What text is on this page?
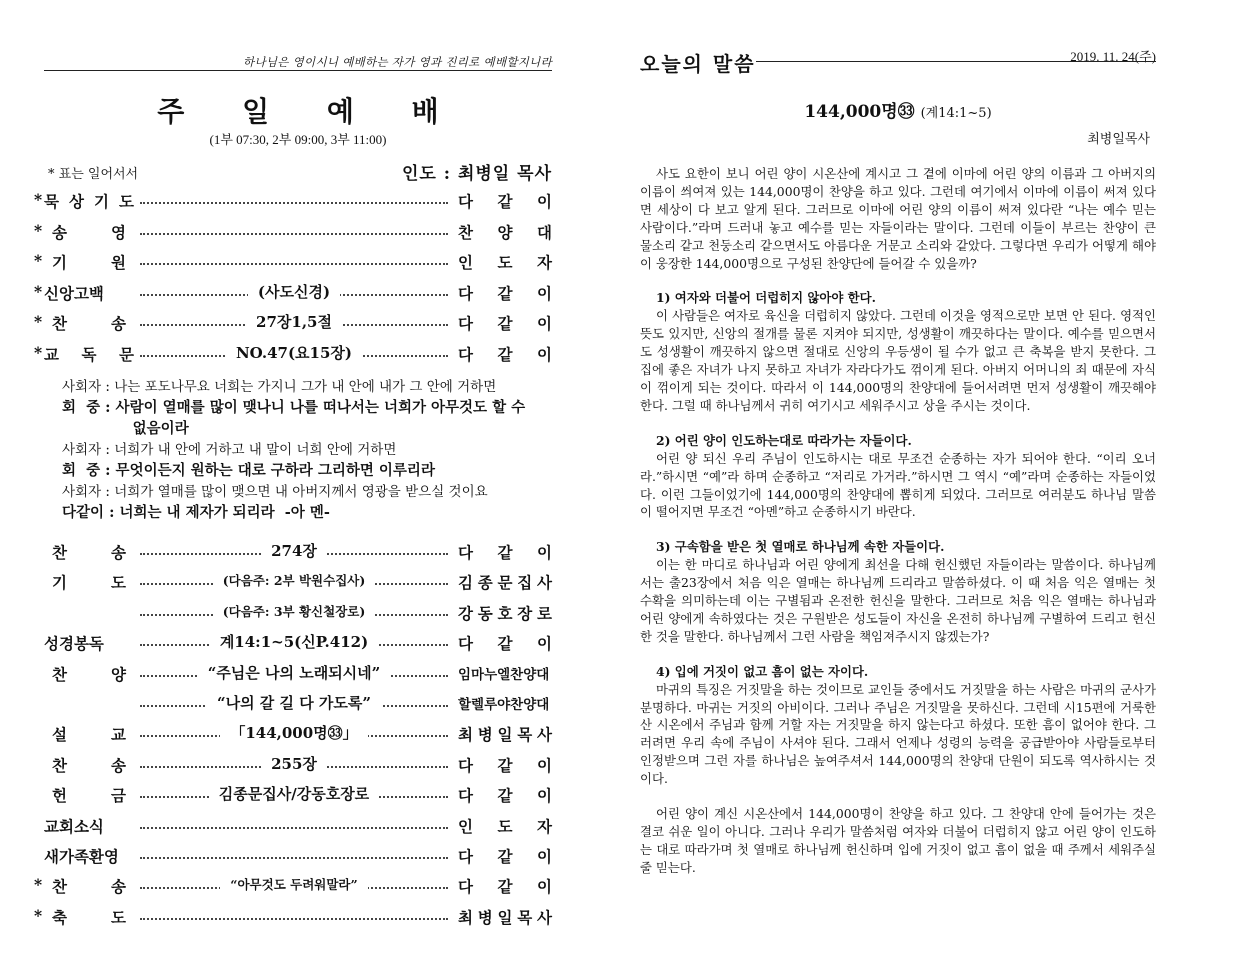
하나님은 영이시니 예배하는 자가 영과 진리로 예배할지니라
주 일 예 배
(1부 07:30, 2부 09:00, 3부 11:00)
* 표는 일어서서	인도 : 최병일 목사
* 묵 상 기 도	다 같 이
* 송	영	찬 양 대
* 기	원	인 도 자
* 신앙고백	(사도신경)	다 같 이
* 찬	송	27장1,5절	다 같 이
* 교 독 문	NO.47(요15장)	다 같 이
사회자 : 나는 포도나무요 너희는 가지니 그가 내 안에 내가 그 안에 거하면
회  중 : 사람이 열매를 많이 맺나니 나를 떠나서는 너희가 아무것도 할 수
없음이라
사회자 : 너희가 내 안에 거하고 내 말이 너희 안에 거하면
회  중 : 무엇이든지 원하는 대로 구하라 그리하면 이루리라
사회자 : 너희가 열매를 많이 맺으면 내 아버지께서 영광을 받으실 것이요
다같이 : 너희는 내 제자가 되리라  -아 멘-
찬	송	274장	다 같 이
기	도	(다음주: 2부 박원수집사)	김 종 문 집 사
(다음주: 3부 황신철장로)	강 동 호 장 로
성경봉독	계14:1~5(신P.412)	다 같 이
찬	양	“주님은 나의 노래되시네”	임마누엘찬양대
“나의 갈 길 다 가도록”	할렐루야찬양대
설	교	「144,000명㉝」	최 병 일 목 사
찬	송	255장	다 같 이
헌	금	김종문집사/강동호장로	다 같 이
교회소식	인 도 자
새가족환영	다 같 이
* 찬	송	“아무것도 두려워말라”	다 같 이
* 축	도	최 병 일 목 사
오늘의 말씀	2019. 11. 24(주)
144,000명㉝ (계14:1~5)
최병일목사

사도 요한이 보니 어린 양이 시온산에 계시고 그 곁에 이마에 어린 양의 이름과 그 아버지의 이름이 씌여져 있는 144,000명이 찬양을 하고 있다. 그런데 여기에서 이마에 이름이 써져 있다면 세상이 다 보고 알게 된다. 그러므로 이마에 어린 양의 이름이 써져 있다란 “나는 예수 믿는 사람이다.”라며 드러내 놓고 예수를 믿는 자들이라는 말이다. 그런데 이들이 부르는 찬양이 큰 물소리 같고 천둥소리 같으면서도 아름다운 거문고 소리와 같았다. 그렇다면 우리가 어떻게 해야 이 웅장한 144,000명으로 구성된 찬양단에 들어갈 수 있을까?

1) 여자와 더불어 더럽히지 않아야 한다.

이 사람들은 여자로 육신을 더럽히지 않았다. 그런데 이것을 영적으로만 보면 안 된다. 영적인 뜻도 있지만, 신앙의 절개를 물론 지켜야 되지만, 성생활이 깨끗하다는 말이다. 예수를 믿으면서도 성생활이 깨끗하지 않으면 절대로 신앙의 우등생이 될 수가 없고 큰 축복을 받지 못한다. 그 집에 좋은 자녀가 나지 못하고 자녀가 자라다가도 꺾이게 된다. 아버지 어머니의 죄 때문에 자식이 꺾이게 되는 것이다. 따라서 이 144,000명의 찬양대에 들어서려면 먼저 성생활이 깨끗해야 한다. 그럴 때 하나님께서 귀히 여기시고 세워주시고 상을 주시는 것이다.

2) 어린 양이 인도하는대로 따라가는 자들이다.

어린 양 되신 우리 주님이 인도하시는 대로 무조건 순종하는 자가 되어야 한다. “이리 오너라.”하시면 “예”라 하며 순종하고 “저리로 가거라.”하시면 그 역시 “예”라며 순종하는 자들이었다. 이런 그들이었기에 144,000명의 찬양대에 뽑히게 되었다. 그러므로 여러분도 하나님 말씀이 떨어지면 무조건 “아멘”하고 순종하시기 바란다.

3) 구속함을 받은 첫 열매로 하나님께 속한 자들이다.

이는 한 마디로 하나님과 어린 양에게 최선을 다해 헌신했던 자들이라는 말씀이다. 하나님께서는 출23장에서 처음 익은 열매는 하나님께 드리라고 말씀하셨다. 이 때 처음 익은 열매는 첫 수확을 의미하는데 이는 구별됨과 온전한 헌신을 말한다. 그러므로 처음 익은 열매는 하나님과 어린 양에게 속하였다는 것은 구원받은 성도들이 자신을 온전히 하나님께 구별하여 드리고 헌신한 것을 말한다. 하나님께서 그런 사람을 책임져주시지 않겠는가?

4) 입에 거짓이 없고 흠이 없는 자이다.

마귀의 특징은 거짓말을 하는 것이므로 교인들 중에서도 거짓말을 하는 사람은 마귀의 군사가 분명하다. 마귀는 거짓의 아비이다. 그러나 주님은 거짓말을 못하신다. 그런데 시15편에 거룩한 산 시온에서 주님과 함께 거할 자는 거짓말을 하지 않는다고 하셨다. 또한 흠이 없어야 한다. 그러려면 우리 속에 주님이 사셔야 된다. 그래서 언제나 성령의 능력을 공급받아야 사람들로부터 인정받으며 그런 자를 하나님은 높여주셔서 144,000명의 찬양대 단원이 되도록 역사하시는 것이다.

어린 양이 계신 시온산에서 144,000명이 찬양을 하고 있다. 그 찬양대 안에 들어가는 것은 결코 쉬운 일이 아니다. 그러나 우리가 말씀처럼 여자와 더불어 더럽히지 않고 어린 양이 인도하는 대로 따라가며 첫 열매로 하나님께 헌신하며 입에 거짓이 없고 흠이 없을 때 주께서 세워주실 줄 믿는다.
